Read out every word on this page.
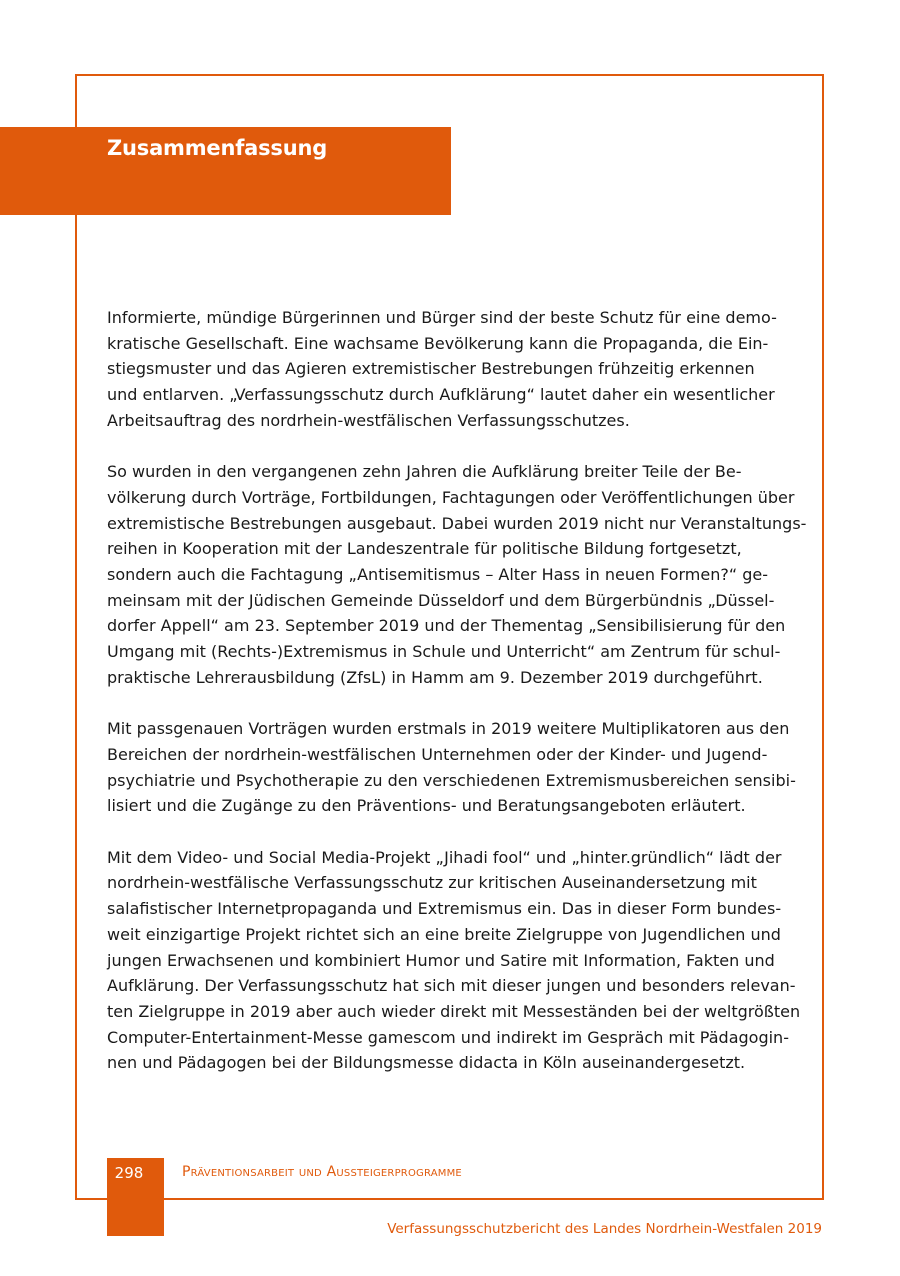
Zusammenfassung

Informierte, mündige Bürgerinnen und Bürger sind der beste Schutz für eine demo-
kratische Gesellschaft. Eine wachsame Bevölkerung kann die Propaganda, die Ein-
stiegsmuster und das Agieren extremistischer Bestrebungen frühzeitig erkennen
und entlarven. „Verfassungsschutz durch Aufklärung“ lautet daher ein wesentlicher
Arbeitsauftrag des nordrhein-westfälischen Verfassungsschutzes.

So wurden in den vergangenen zehn Jahren die Aufklärung breiter Teile der Be-
völkerung durch Vorträge, Fortbildungen, Fachtagungen oder Veröffentlichungen über
extremistische Bestrebungen ausgebaut. Dabei wurden 2019 nicht nur Veranstaltungs-
reihen in Kooperation mit der Landeszentrale für politische Bildung fortgesetzt,
sondern auch die Fachtagung „Antisemitismus – Alter Hass in neuen Formen?“ ge-
meinsam mit der Jüdischen Gemeinde Düsseldorf und dem Bürgerbündnis „Düssel-
dorfer Appell“ am 23. September 2019 und der Thementag „Sensibilisierung für den
Umgang mit (Rechts-)Extremismus in Schule und Unterricht“ am Zentrum für schul-
praktische Lehrerausbildung (ZfsL) in Hamm am 9. Dezember 2019 durchgeführt.

Mit passgenauen Vorträgen wurden erstmals in 2019 weitere Multiplikatoren aus den
Bereichen der nordrhein-westfälischen Unternehmen oder der Kinder- und Jugend-
psychiatrie und Psychotherapie zu den verschiedenen Extremismusbereichen sensibi-
lisiert und die Zugänge zu den Präventions- und Beratungsangeboten erläutert.

Mit dem Video- und Social Media-Projekt „Jihadi fool“ und „hinter.gründlich“ lädt der
nordrhein-westfälische Verfassungsschutz zur kritischen Auseinandersetzung mit
salafistischer Internetpropaganda und Extremismus ein. Das in dieser Form bundes-
weit einzigartige Projekt richtet sich an eine breite Zielgruppe von Jugendlichen und
jungen Erwachsenen und kombiniert Humor und Satire mit Information, Fakten und
Aufklärung. Der Verfassungsschutz hat sich mit dieser jungen und besonders relevan-
ten Zielgruppe in 2019 aber auch wieder direkt mit Messeständen bei der weltgrößten
Computer-Entertainment-Messe gamescom und indirekt im Gespräch mit Pädagogin-
nen und Pädagogen bei der Bildungsmesse didacta in Köln auseinandergesetzt.

298	Präventionsarbeit und Aussteigerprogramme
Verfassungsschutzbericht des Landes Nordrhein-Westfalen 2019
